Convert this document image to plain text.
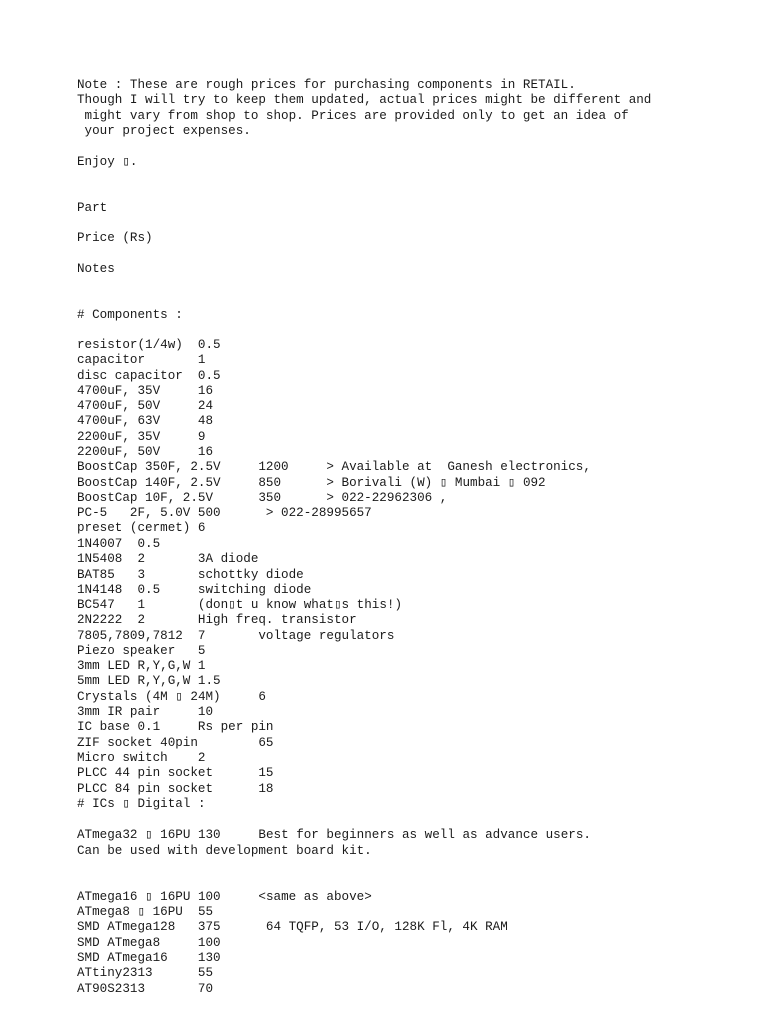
Note : These are rough prices for purchasing components in RETAIL.

Though I will try to keep them updated, actual prices might be different and

might vary from shop to shop. Prices are provided only to get an idea of

your project expenses.

Enjoy ▯.

Part

Price (Rs)

Notes

# Components :

resistor(1/4w)  0.5

capacitor       1

disc capacitor  0.5

4700uF, 35V     16

4700uF, 50V     24

4700uF, 63V     48

2200uF, 35V     9

2200uF, 50V     16

BoostCap 350F, 2.5V     1200     > Available at  Ganesh electronics,

BoostCap 140F, 2.5V     850      > Borivali (W) ▯ Mumbai ▯ 092

BoostCap 10F, 2.5V      350      > 022-22962306 ,

PC-5   2F, 5.0V 500      > 022-28995657

preset (cermet) 6

1N4007  0.5

1N5408  2       3A diode

BAT85   3       schottky diode

1N4148  0.5     switching diode

BC547   1       (don▯t u know what▯s this!)

2N2222  2       High freq. transistor

7805,7809,7812  7       voltage regulators

Piezo speaker   5

3mm LED R,Y,G,W 1

5mm LED R,Y,G,W 1.5

Crystals (4M ▯ 24M)     6

3mm IR pair     10

IC base 0.1     Rs per pin

ZIF socket 40pin        65

Micro switch    2

PLCC 44 pin socket      15

PLCC 84 pin socket      18

# ICs ▯ Digital :

ATmega32 ▯ 16PU 130     Best for beginners as well as advance users.

Can be used with development board kit.

ATmega16 ▯ 16PU 100     <same as above>

ATmega8 ▯ 16PU  55

SMD ATmega128   375      64 TQFP, 53 I/O, 128K Fl, 4K RAM

SMD ATmega8     100

SMD ATmega16    130

ATtiny2313      55

AT90S2313       70
